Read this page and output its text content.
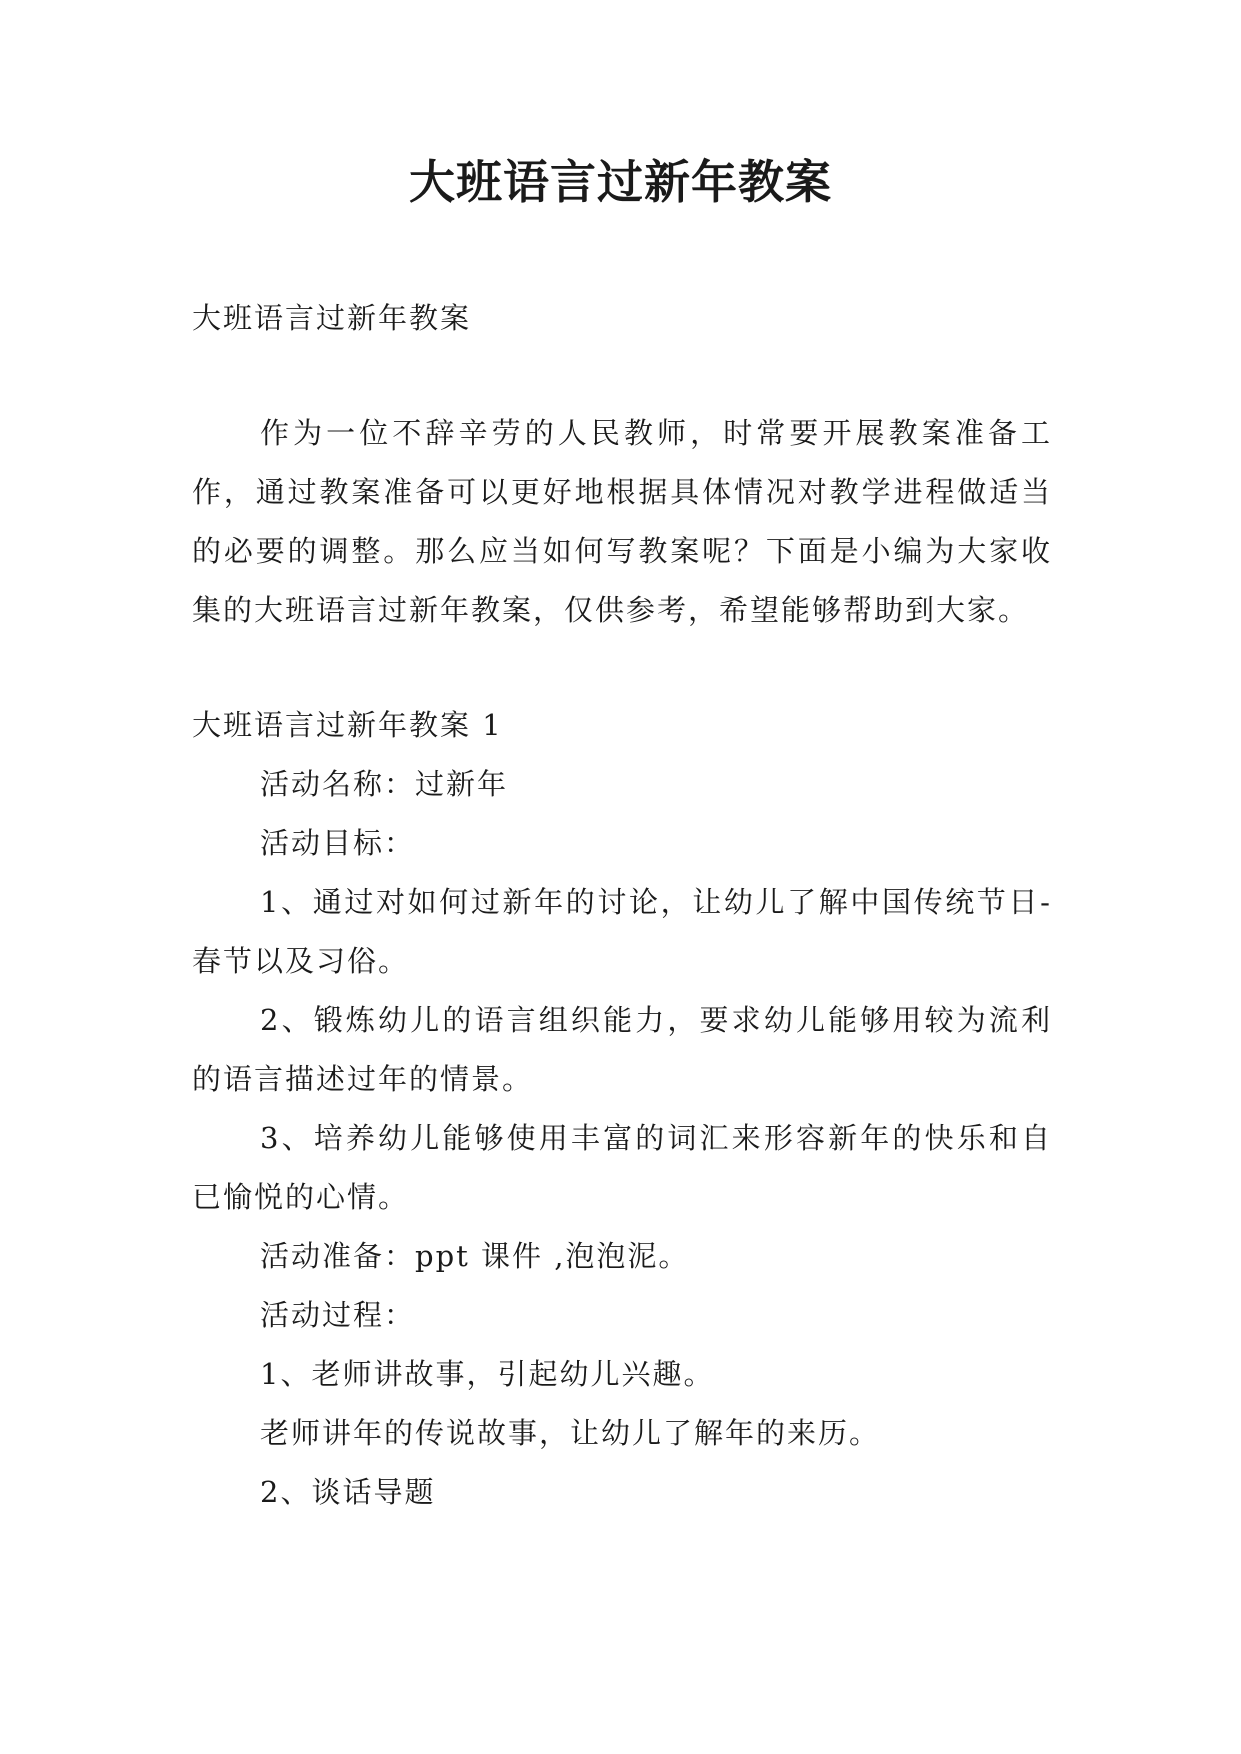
大班语言过新年教案

大班语言过新年教案

作为一位不辞辛劳的人民教师，时常要开展教案准备工作，通过教案准备可以更好地根据具体情况对教学进程做适当的必要的调整。那么应当如何写教案呢？下面是小编为大家收集的大班语言过新年教案，仅供参考，希望能够帮助到大家。

大班语言过新年教案 1

活动名称：过新年

活动目标：

1、通过对如何过新年的讨论，让幼儿了解中国传统节日-春节以及习俗。

2、锻炼幼儿的语言组织能力，要求幼儿能够用较为流利的语言描述过年的情景。

3、培养幼儿能够使用丰富的词汇来形容新年的快乐和自已愉悦的心情。

活动准备：ppt 课件 ,泡泡泥。

活动过程：

1、老师讲故事，引起幼儿兴趣。

老师讲年的传说故事，让幼儿了解年的来历。

2、谈话导题
